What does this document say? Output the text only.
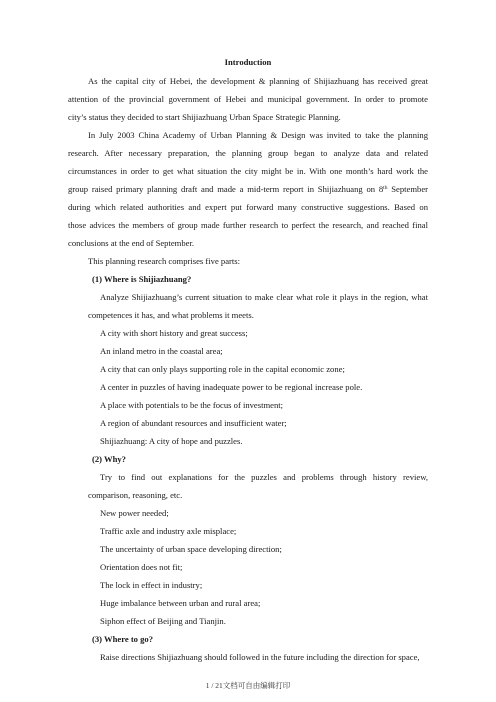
Introduction
As the capital city of Hebei, the development & planning of Shijiazhuang has received great
attention of the provincial government of Hebei and municipal government. In order to promote
city’s status they decided to start Shijiazhuang Urban Space Strategic Planning.
In July 2003 China Academy of Urban Planning & Design was invited to take the planning
research. After necessary preparation, the planning group began to analyze data and related
circumstances in order to get what situation the city might be in. With one month’s hard work the
group raised primary planning draft and made a mid-term report in Shijiazhuang on 8th September
during which related authorities and expert put forward many constructive suggestions. Based on
those advices the members of group made further research to perfect the research, and reached final
conclusions at the end of September.
This planning research comprises five parts:
(1) Where is Shijiazhuang?
Analyze Shijiazhuang’s current situation to make clear what role it plays in the region, what
competences it has, and what problems it meets.
A city with short history and great success;
An inland metro in the coastal area;
A city that can only plays supporting role in the capital economic zone;
A center in puzzles of having inadequate power to be regional increase pole.
A place with potentials to be the focus of investment;
A region of abundant resources and insufficient water;
Shijiazhuang: A city of hope and puzzles.
(2) Why?
Try to find out explanations for the puzzles and problems through history review,
comparison, reasoning, etc.
New power needed;
Traffic axle and industry axle misplace;
The uncertainty of urban space developing direction;
Orientation does not fit;
The lock in effect in industry;
Huge imbalance between urban and rural area;
Siphon effect of Beijing and Tianjin.
(3) Where to go?
Raise directions Shijiazhuang should followed in the future including the direction for space,
1 / 21文档可自由编辑打印
